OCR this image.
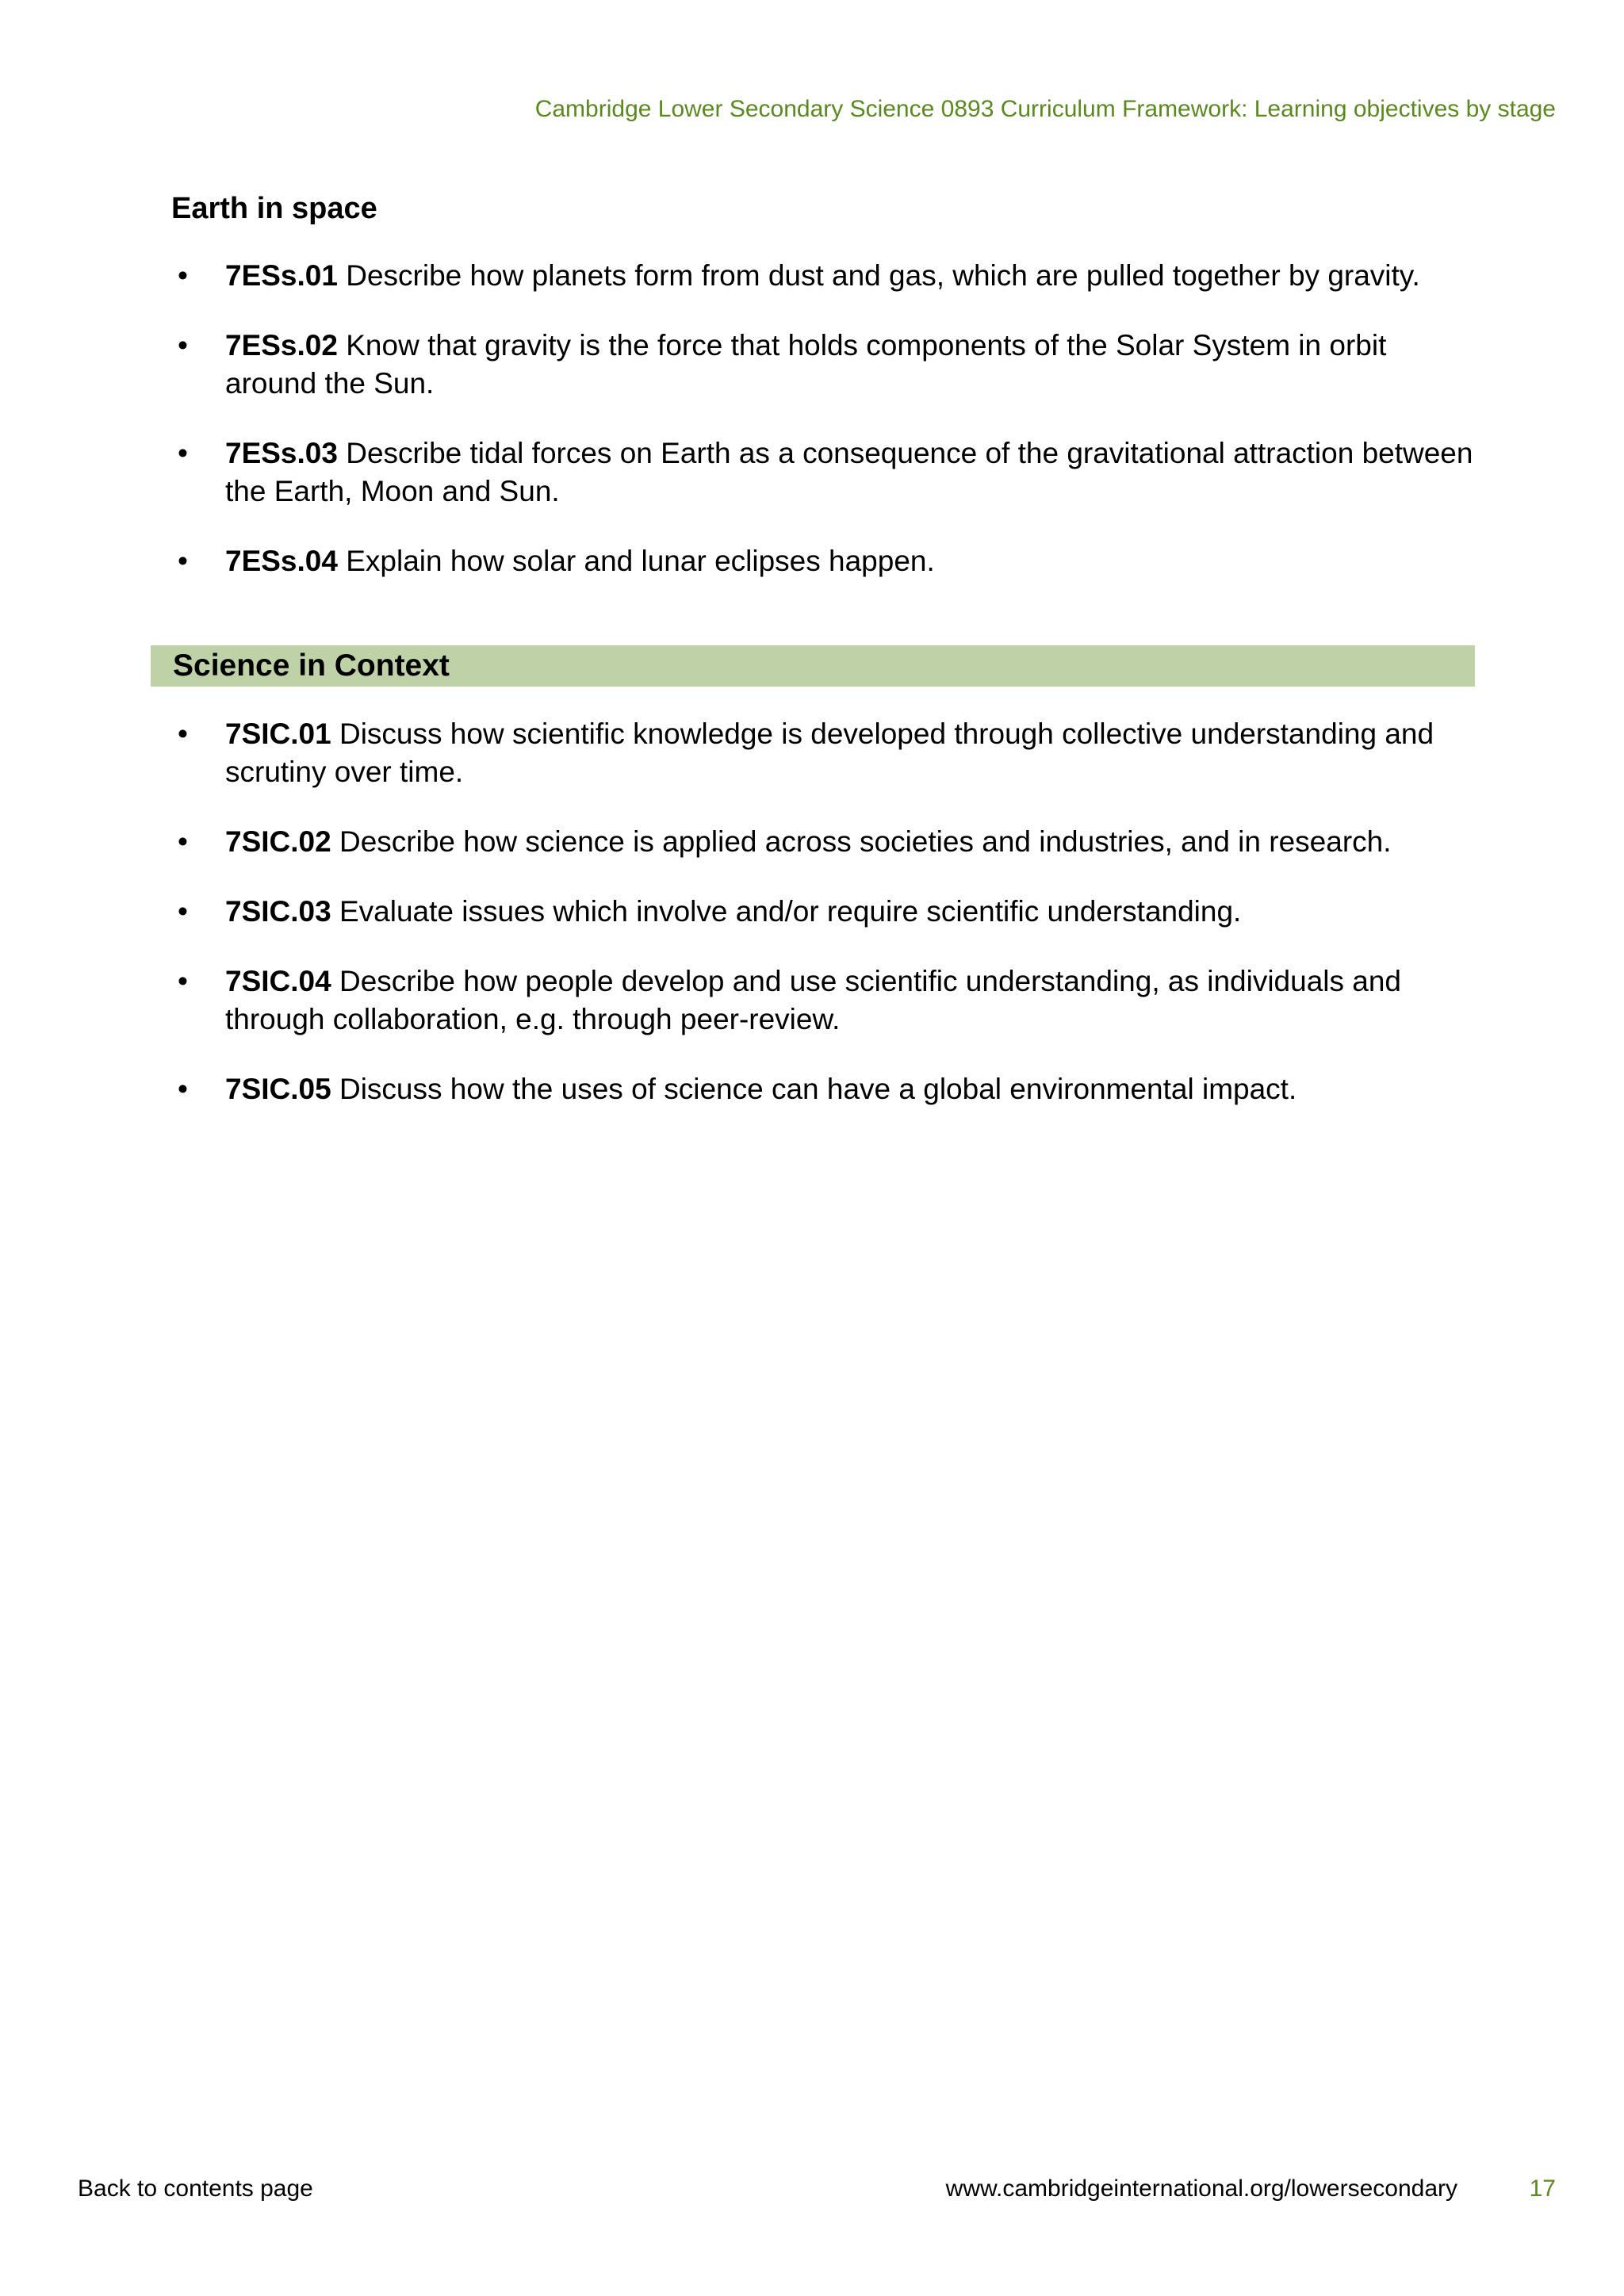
Cambridge Lower Secondary Science 0893 Curriculum Framework: Learning objectives by stage
Earth in space
• 7ESs.01 Describe how planets form from dust and gas, which are pulled together by gravity.
• 7ESs.02 Know that gravity is the force that holds components of the Solar System in orbit around the Sun.
• 7ESs.03 Describe tidal forces on Earth as a consequence of the gravitational attraction between the Earth, Moon and Sun.
• 7ESs.04 Explain how solar and lunar eclipses happen.
Science in Context
• 7SIC.01 Discuss how scientific knowledge is developed through collective understanding and scrutiny over time.
• 7SIC.02 Describe how science is applied across societies and industries, and in research.
• 7SIC.03 Evaluate issues which involve and/or require scientific understanding.
• 7SIC.04 Describe how people develop and use scientific understanding, as individuals and through collaboration, e.g. through peer-review.
• 7SIC.05 Discuss how the uses of science can have a global environmental impact.
Back to contents page	www.cambridgeinternational.org/lowersecondary	17
